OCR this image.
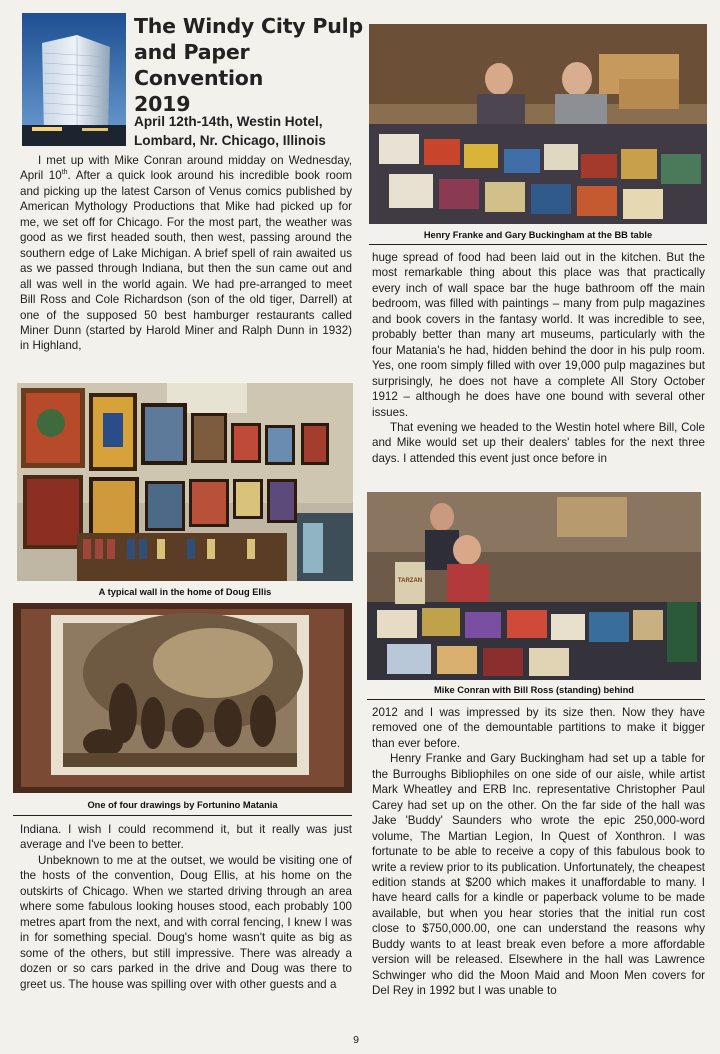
The Windy City Pulp
and Paper Convention
2019
April 12th-14th, Westin Hotel,
Lombard, Nr. Chicago, Illinois

I met up with Mike Conran around midday on Wednesday, April 10th. After a quick look around his incredible book room and picking up the latest Carson of Venus comics published by American Mythology Productions that Mike had picked up for me, we set off for Chicago. For the most part, the weather was good as we first headed south, then west, passing around the southern edge of Lake Michigan. A brief spell of rain awaited us as we passed through Indiana, but then the sun came out and all was well in the world again. We had pre-arranged to meet Bill Ross and Cole Richardson (son of the old tiger, Darrell) at one of the supposed 50 best hamburger restaurants called Miner Dunn (started by Harold Miner and Ralph Dunn in 1932) in Highland,

A typical wall in the home of Doug Ellis
One of four drawings by Fortunino Matania

Indiana. I wish I could recommend it, but it really was just average and I've been to better.

Unbeknown to me at the outset, we would be visiting one of the hosts of the convention, Doug Ellis, at his home on the outskirts of Chicago. When we started driving through an area where some fabulous looking houses stood, each probably 100 metres apart from the next, and with corral fencing, I knew I was in for something special. Doug's home wasn't quite as big as some of the others, but still impressive. There was already a dozen or so cars parked in the drive and Doug was there to greet us. The house was spilling over with other guests and a

Henry Franke and Gary Buckingham at the BB table

huge spread of food had been laid out in the kitchen. But the most remarkable thing about this place was that practically every inch of wall space bar the huge bathroom off the main bedroom, was filled with paintings – many from pulp magazines and book covers in the fantasy world. It was incredible to see, probably better than many art museums, particularly with the four Matania's he had, hidden behind the door in his pulp room. Yes, one room simply filled with over 19,000 pulp magazines but surprisingly, he does not have a complete All Story October 1912 – although he does have one bound with several other issues.

That evening we headed to the Westin hotel where Bill, Cole and Mike would set up their dealers' tables for the next three days. I attended this event just once before in

TARZAN
Mike Conran with Bill Ross (standing) behind

2012 and I was impressed by its size then. Now they have removed one of the demountable partitions to make it bigger than ever before.

Henry Franke and Gary Buckingham had set up a table for the Burroughs Bibliophiles on one side of our aisle, while artist Mark Wheatley and ERB Inc. representative Christopher Paul Carey had set up on the other. On the far side of the hall was Jake 'Buddy' Saunders who wrote the epic 250,000-word volume, The Martian Legion, In Quest of Xonthron. I was fortunate to be able to receive a copy of this fabulous book to write a review prior to its publication. Unfortunately, the cheapest edition stands at $200 which makes it unaffordable to many. I have heard calls for a kindle or paperback volume to be made available, but when you hear stories that the initial run cost close to $750,000.00, one can understand the reasons why Buddy wants to at least break even before a more affordable version will be released. Elsewhere in the hall was Lawrence Schwinger who did the Moon Maid and Moon Men covers for Del Rey in 1992 but I was unable to

9
